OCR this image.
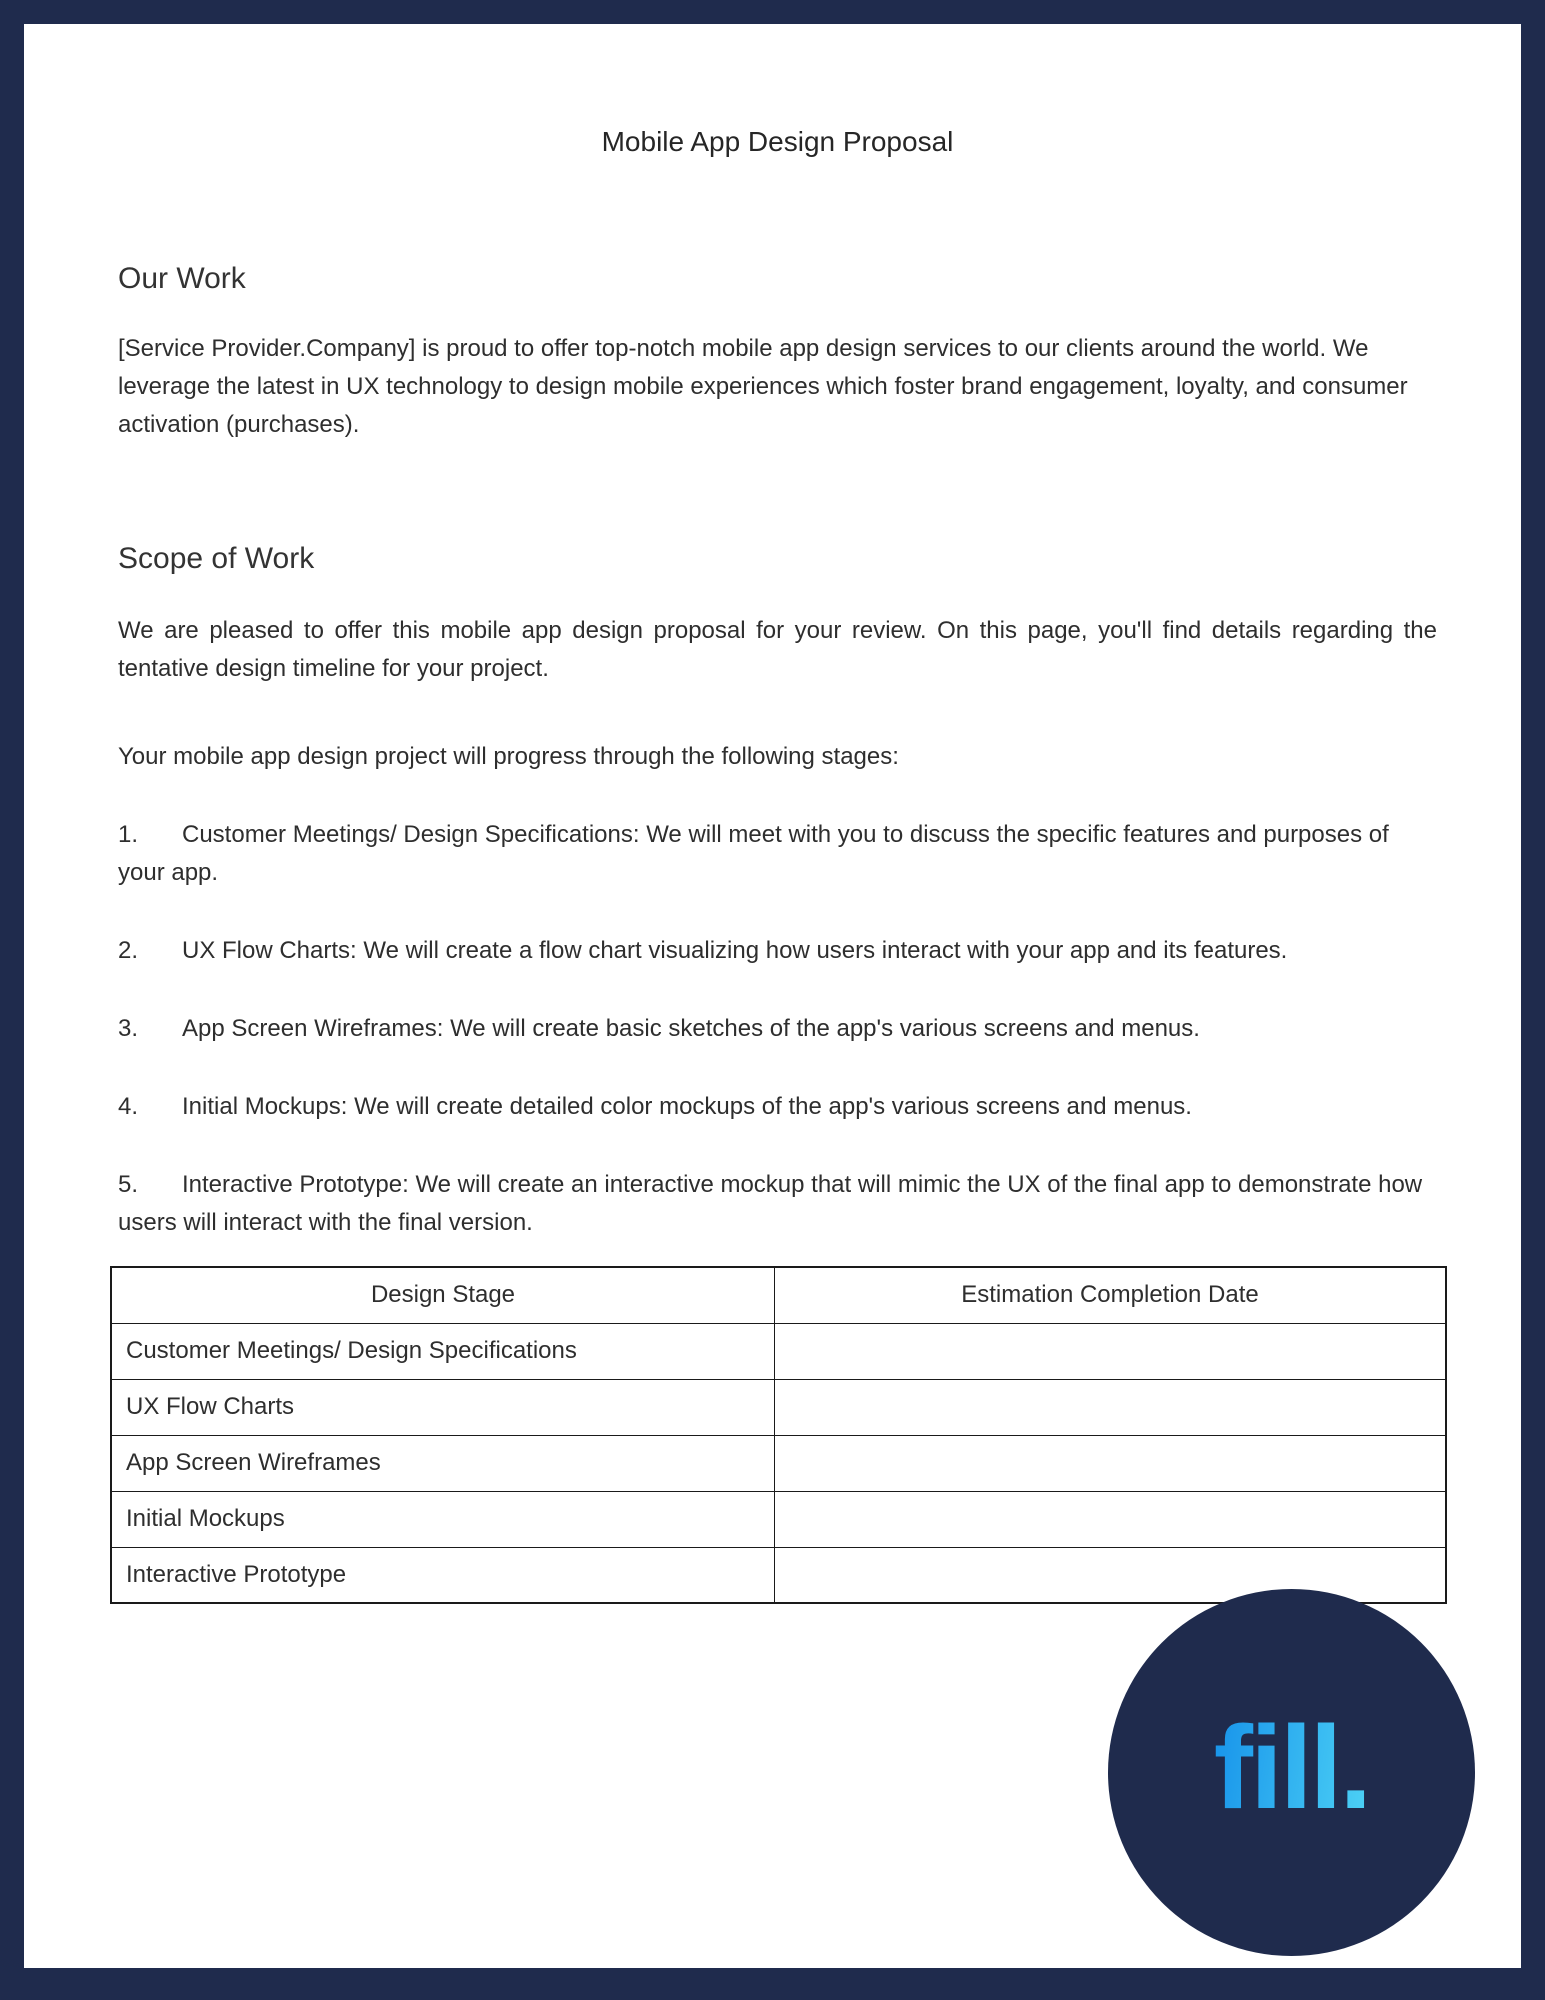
Mobile App Design Proposal
Our Work

[Service Provider.Company] is proud to offer top-notch mobile app design services to our clients around the world. We leverage the latest in UX technology to design mobile experiences which foster brand engagement, loyalty, and consumer activation (purchases).

Scope of Work

We are pleased to offer this mobile app design proposal for your review. On this page, you'll find details regarding the tentative design timeline for your project.

Your mobile app design project will progress through the following stages:

1. Customer Meetings/ Design Specifications: We will meet with you to discuss the specific features and purposes of your app.

2. UX Flow Charts: We will create a flow chart visualizing how users interact with your app and its features.

3. App Screen Wireframes: We will create basic sketches of the app's various screens and menus.

4. Initial Mockups: We will create detailed color mockups of the app's various screens and menus.

5. Interactive Prototype: We will create an interactive mockup that will mimic the UX of the final app to demonstrate how users will interact with the final version.

Design Stage	Estimation Completion Date
Customer Meetings/ Design Specifications	
UX Flow Charts	
App Screen Wireframes	
Initial Mockups	
Interactive Prototype	
fill.
